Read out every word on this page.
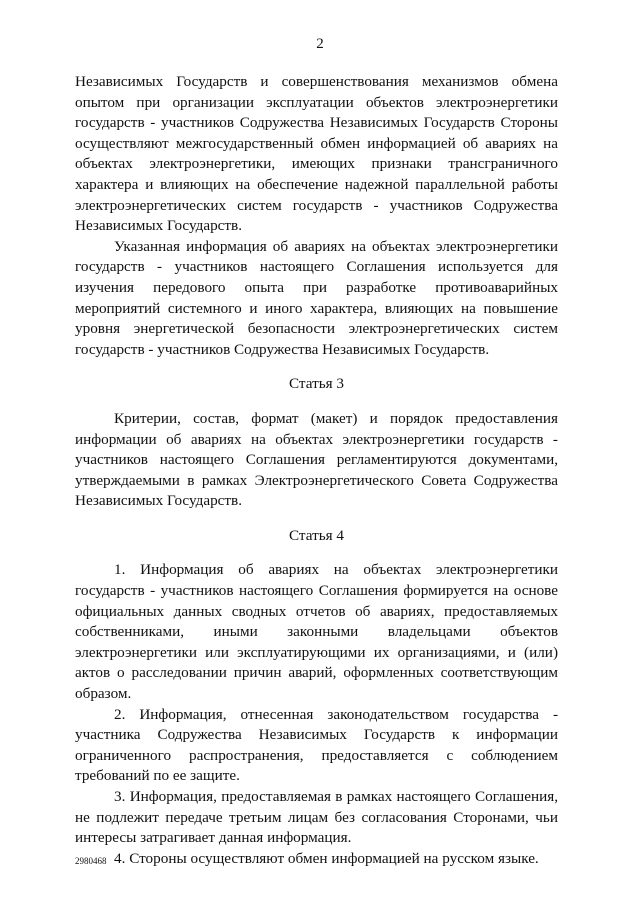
2

Независимых Государств и совершенствования механизмов обмена опытом при организации эксплуатации объектов электроэнергетики государств - участников Содружества Независимых Государств Стороны осуществляют межгосударственный обмен информацией об авариях на объектах электроэнергетики, имеющих признаки трансграничного характера и влияющих на обеспечение надежной параллельной работы электроэнергетических систем государств - участников Содружества Независимых Государств.

Указанная информация об авариях на объектах электроэнергетики государств - участников настоящего Соглашения используется для изучения передового опыта при разработке противоаварийных мероприятий системного и иного характера, влияющих на повышение уровня энергетической безопасности электроэнергетических систем государств - участников Содружества Независимых Государств.

Статья 3

Критерии, состав, формат (макет) и порядок предоставления информации об авариях на объектах электроэнергетики государств - участников настоящего Соглашения регламентируются документами, утверждаемыми в рамках Электроэнергетического Совета Содружества Независимых Государств.

Статья 4

1. Информация об авариях на объектах электроэнергетики государств - участников настоящего Соглашения формируется на основе официальных данных сводных отчетов об авариях, предоставляемых собственниками, иными законными владельцами объектов электроэнергетики или эксплуатирующими их организациями, и (или) актов о расследовании причин аварий, оформленных соответствующим образом.

2. Информация, отнесенная законодательством государства - участника Содружества Независимых Государств к информации ограниченного распространения, предоставляется с соблюдением требований по ее защите.

3. Информация, предоставляемая в рамках настоящего Соглашения, не подлежит передаче третьим лицам без согласования Сторонами, чьи интересы затрагивает данная информация.

4. Стороны осуществляют обмен информацией на русском языке.

2980468
